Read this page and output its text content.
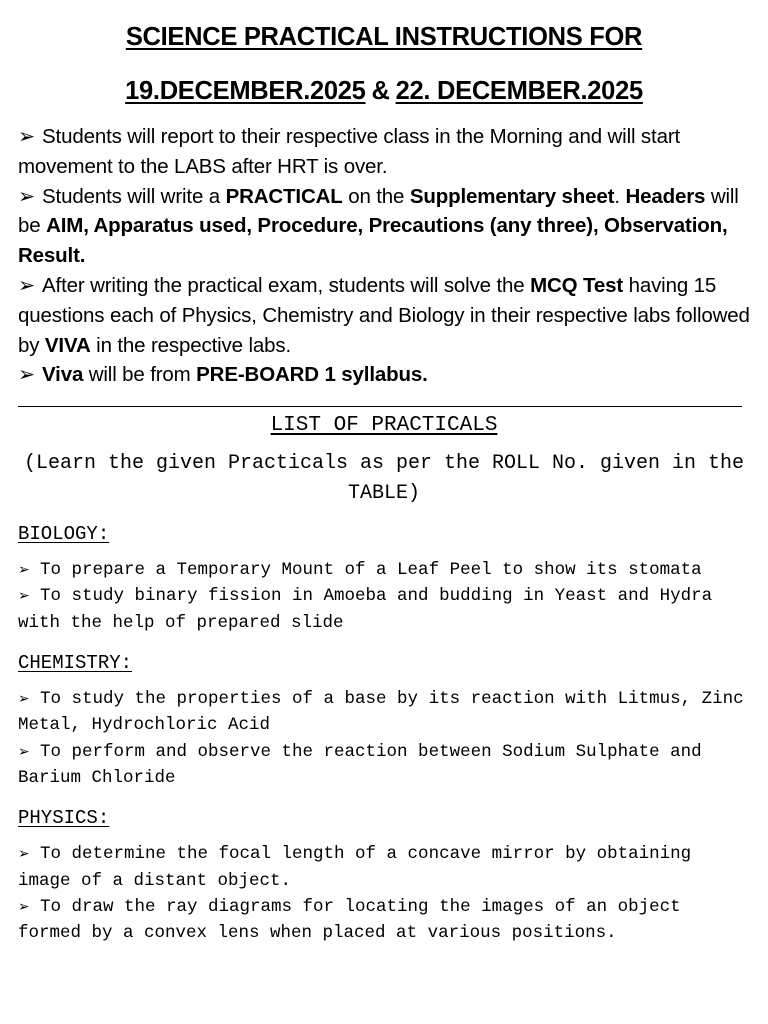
SCIENCE PRACTICAL INSTRUCTIONS FOR
19.DECEMBER.2025 & 22. DECEMBER.2025

➢ Students will report to their respective class in the Morning and will start movement to the LABS after HRT is over.

➢ Students will write a PRACTICAL on the Supplementary sheet. Headers will be AIM, Apparatus used, Procedure, Precautions (any three), Observation, Result.

➢ After writing the practical exam, students will solve the MCQ Test having 15 questions each of Physics, Chemistry and Biology in their respective labs followed by VIVA in the respective labs.

➢ Viva will be from PRE-BOARD 1 syllabus.

LIST OF PRACTICALS
(Learn the given Practicals as per the ROLL No. given in the TABLE)
BIOLOGY:

➢ To prepare a Temporary Mount of a Leaf Peel to show its stomata

➢ To study binary fission in Amoeba and budding in Yeast and Hydra with the help of prepared slide

CHEMISTRY:

➢ To study the properties of a base by its reaction with Litmus, Zinc Metal, Hydrochloric Acid

➢ To perform and observe the reaction between Sodium Sulphate and Barium Chloride

PHYSICS:

➢ To determine the focal length of a concave mirror by obtaining image of a distant object.

➢ To draw the ray diagrams for locating the images of an object formed by a convex lens when placed at various positions.
